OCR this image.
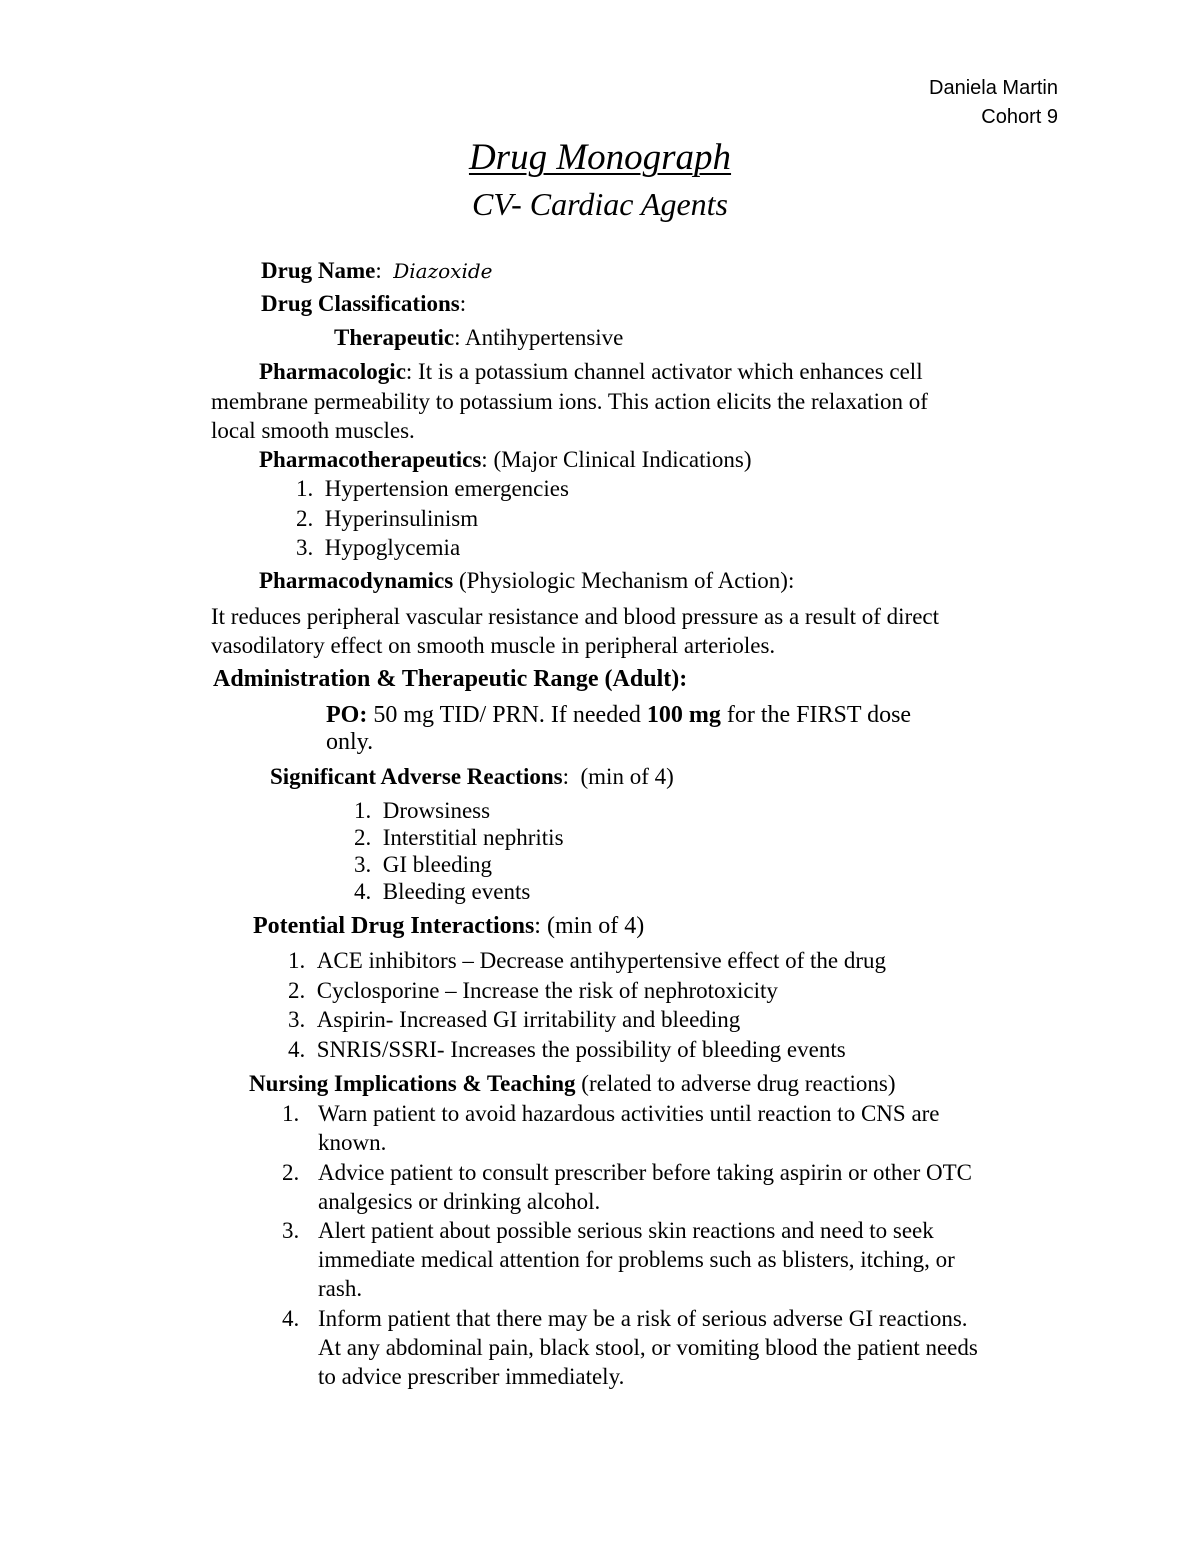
Daniela Martin
Cohort 9
Drug Monograph
CV- Cardiac Agents
Drug Name:  Diazoxide
Drug Classifications:
Therapeutic: Antihypertensive
Pharmacologic: It is a potassium channel activator which enhances cell
membrane permeability to potassium ions. This action elicits the relaxation of
local smooth muscles.
Pharmacotherapeutics: (Major Clinical Indications)
1.  Hypertension emergencies
2.  Hyperinsulinism
3.  Hypoglycemia
Pharmacodynamics (Physiologic Mechanism of Action):
It reduces peripheral vascular resistance and blood pressure as a result of direct
vasodilatory effect on smooth muscle in peripheral arterioles.
Administration & Therapeutic Range (Adult):
PO: 50 mg TID/ PRN. If needed 100 mg for the FIRST dose
only.
Significant Adverse Reactions:  (min of 4)
1.  Drowsiness
2.  Interstitial nephritis
3.  GI bleeding
4.  Bleeding events
Potential Drug Interactions: (min of 4)
1.  ACE inhibitors – Decrease antihypertensive effect of the drug
2.  Cyclosporine – Increase the risk of nephrotoxicity
3.  Aspirin- Increased GI irritability and bleeding
4.  SNRIS/SSRI- Increases the possibility of bleeding events
Nursing Implications & Teaching (related to adverse drug reactions)
1. Warn patient to avoid hazardous activities until reaction to CNS are
known.
2. Advice patient to consult prescriber before taking aspirin or other OTC
analgesics or drinking alcohol.
3. Alert patient about possible serious skin reactions and need to seek
immediate medical attention for problems such as blisters, itching, or
rash.
4. Inform patient that there may be a risk of serious adverse GI reactions.
At any abdominal pain, black stool, or vomiting blood the patient needs
to advice prescriber immediately.
